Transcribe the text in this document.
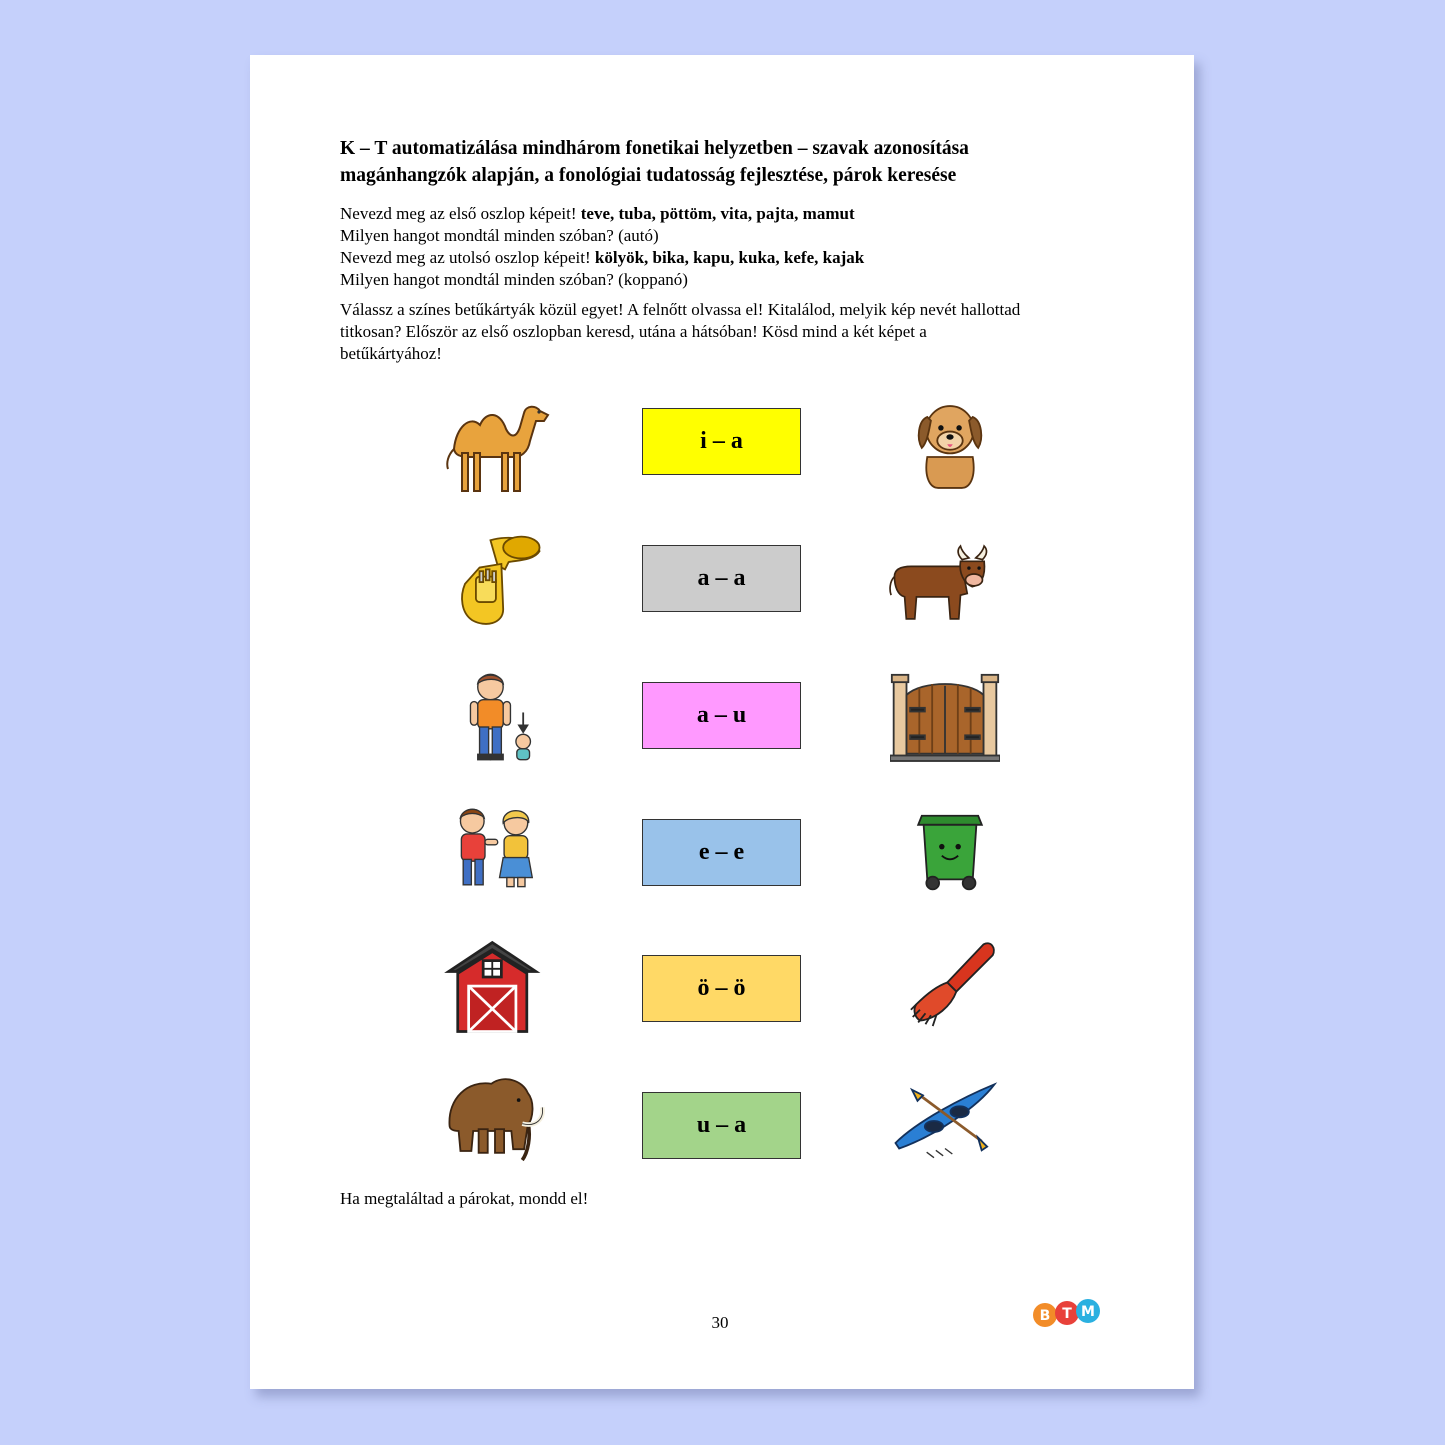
K – T automatizálása mindhárom fonetikai helyzetben – szavak azonosítása
magánhangzók alapján, a fonológiai tudatosság fejlesztése, párok keresése
Nevezd meg az első oszlop képeit! teve, tuba, pöttöm, vita, pajta, mamut
Milyen hangot mondtál minden szóban? (autó)
Nevezd meg az utolsó oszlop képeit! kölyök, bika, kapu, kuka, kefe, kajak
Milyen hangot mondtál minden szóban? (koppanó)
Válassz a színes betűkártyák közül egyet! A felnőtt olvassa el! Kitalálod, melyik kép nevét hallottad
titkosan? Először az első oszlopban keresd, utána a hátsóban! Kösd mind a két képet a
betűkártyához!
i – a
a – a
a – u
e – e
ö – ö
u – a
Ha megtaláltad a párokat, mondd el!
30	B T M
